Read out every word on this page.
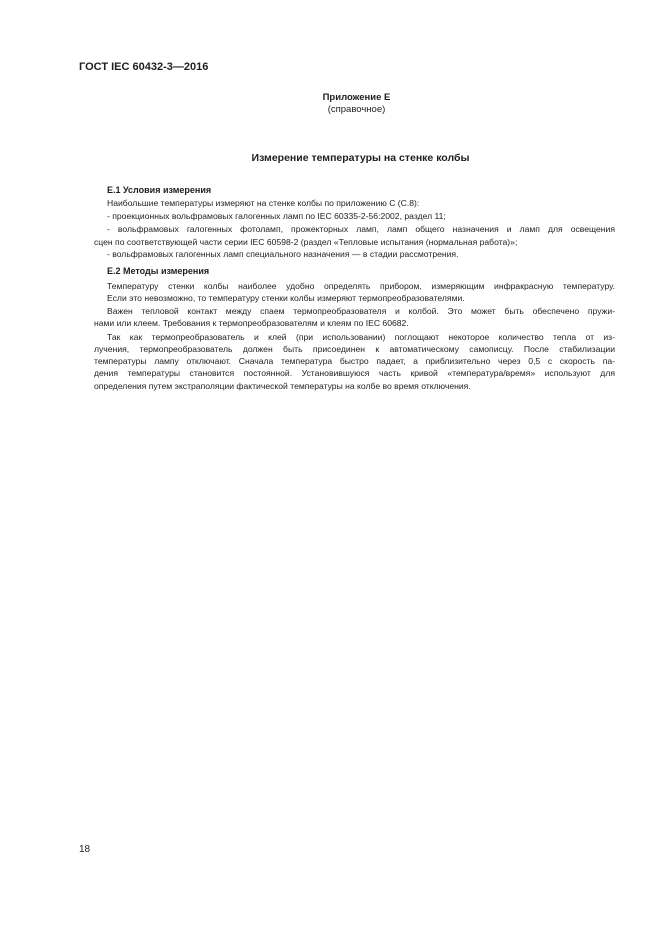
ГОСТ IEC 60432-3—2016
Приложение Е
(справочное)
Измерение температуры на стенке колбы
Е.1 Условия измерения
Наибольшие температуры измеряют на стенке колбы по приложению С (С.8):
- проекционных вольфрамовых галогенных ламп по IEC 60335-2-56:2002, раздел 11;
- вольфрамовых галогенных фотоламп, прожекторных ламп, ламп общего назначения и ламп для освещения
сцен по соответствующей части серии IEC 60598-2 (раздел «Тепловые испытания (нормальная работа)»;
- вольфрамовых галогенных ламп специального назначения — в стадии рассмотрения.
Е.2 Методы измерения
Температуру стенки колбы наиболее удобно определять прибором, измеряющим инфракрасную температуру.
Если это невозможно, то температуру стенки колбы измеряют термопреобразователями.
Важен тепловой контакт между спаем термопреобразователя и колбой. Это может быть обеспечено пружи-
нами или клеем. Требования к термопреобразователям и клеям по IEC 60682.
Так как термопреобразователь и клей (при использовании) поглощают некоторое количество тепла от из-
лучения, термопреобразователь должен быть присоединен к автоматическому самописцу. После стабилизации
температуры лампу отключают. Сначала температура быстро падает, а приблизительно через 0,5 с скорость па-
дения температуры становится постоянной. Установившуюся часть кривой «температура/время» используют для
определения путем экстраполяции фактической температуры на колбе во время отключения.
18
